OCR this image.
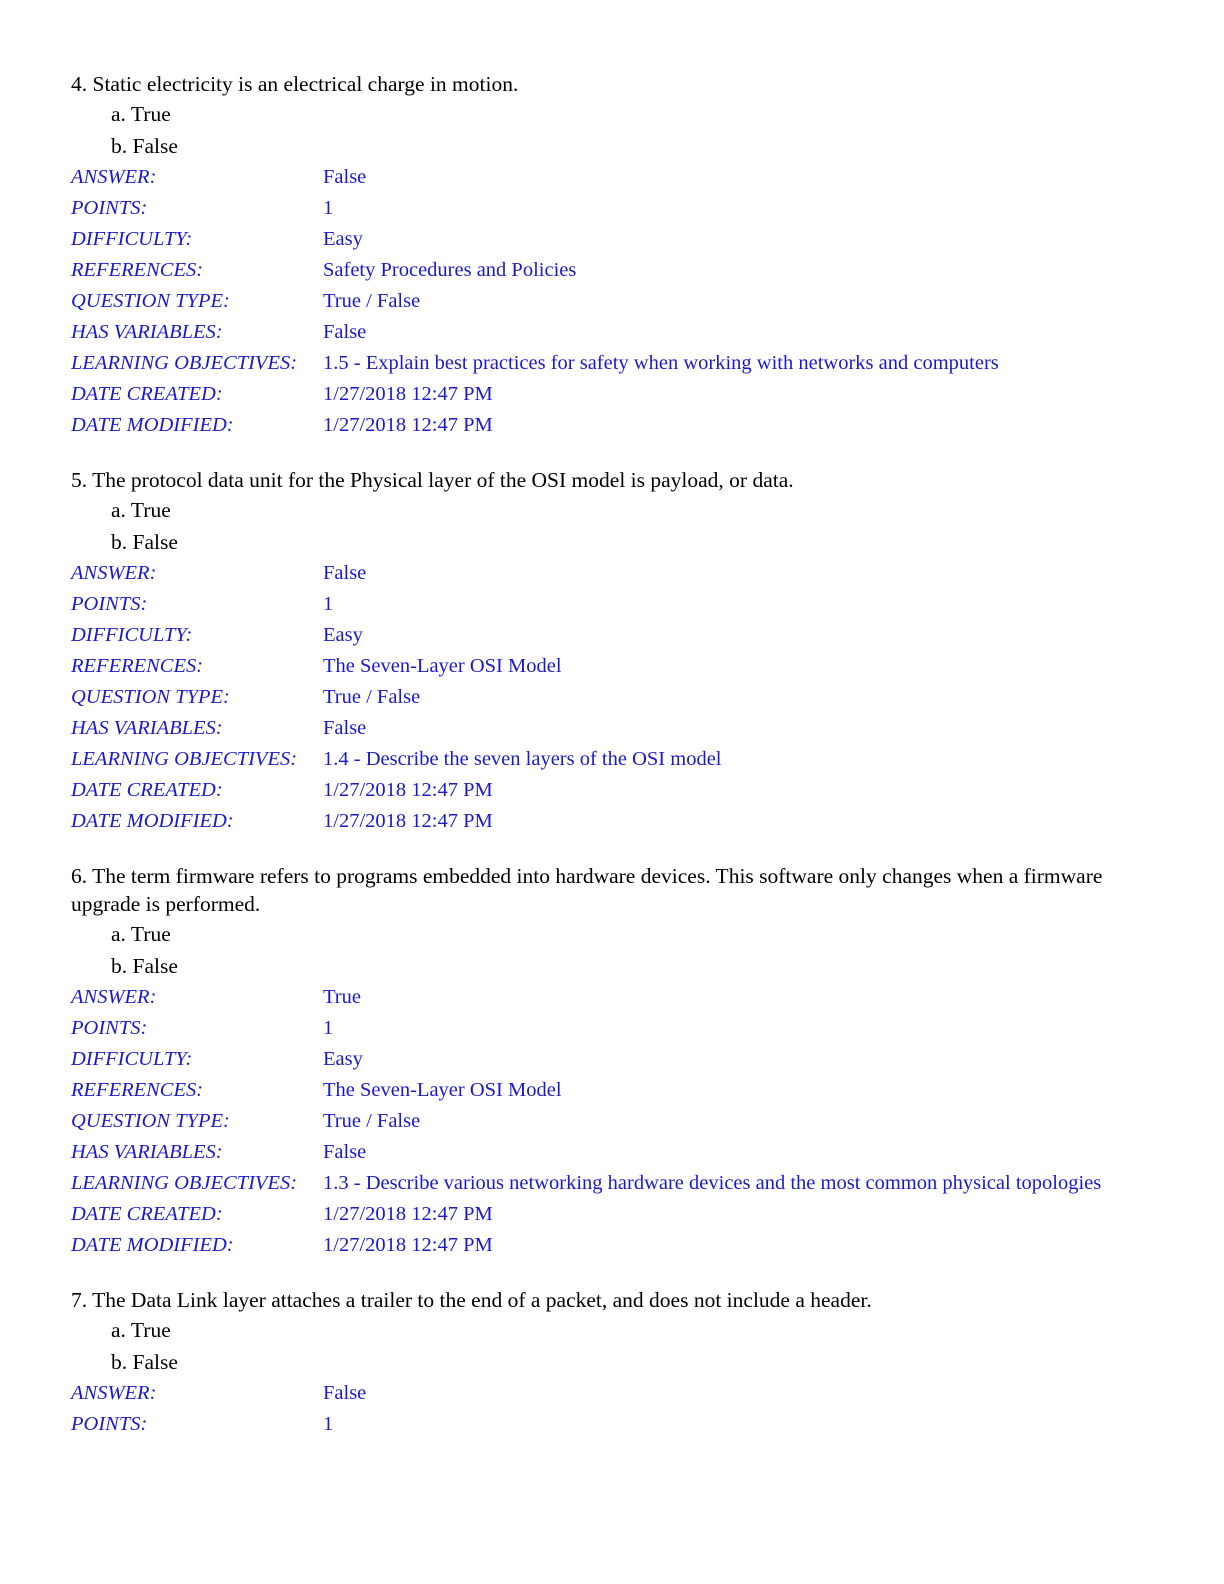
4. Static electricity is an electrical charge in motion.

a. True
b. False
ANSWER:	False
POINTS:	1
DIFFICULTY:	Easy
REFERENCES:	Safety Procedures and Policies
QUESTION TYPE:	True / False
HAS VARIABLES:	False
LEARNING OBJECTIVES:	1.5 - Explain best practices for safety when working with networks and computers
DATE CREATED:	1/27/2018 12:47 PM
DATE MODIFIED:	1/27/2018 12:47 PM

5. The protocol data unit for the Physical layer of the OSI model is payload, or data.

a. True
b. False
ANSWER:	False
POINTS:	1
DIFFICULTY:	Easy
REFERENCES:	The Seven-Layer OSI Model
QUESTION TYPE:	True / False
HAS VARIABLES:	False
LEARNING OBJECTIVES:	1.4 - Describe the seven layers of the OSI model
DATE CREATED:	1/27/2018 12:47 PM
DATE MODIFIED:	1/27/2018 12:47 PM

6. The term firmware refers to programs embedded into hardware devices. This software only changes when a firmware upgrade is performed.

a. True
b. False
ANSWER:	True
POINTS:	1
DIFFICULTY:	Easy
REFERENCES:	The Seven-Layer OSI Model
QUESTION TYPE:	True / False
HAS VARIABLES:	False
LEARNING OBJECTIVES:	1.3 - Describe various networking hardware devices and the most common physical topologies
DATE CREATED:	1/27/2018 12:47 PM
DATE MODIFIED:	1/27/2018 12:47 PM

7. The Data Link layer attaches a trailer to the end of a packet, and does not include a header.

a. True
b. False
ANSWER:	False
POINTS:	1
